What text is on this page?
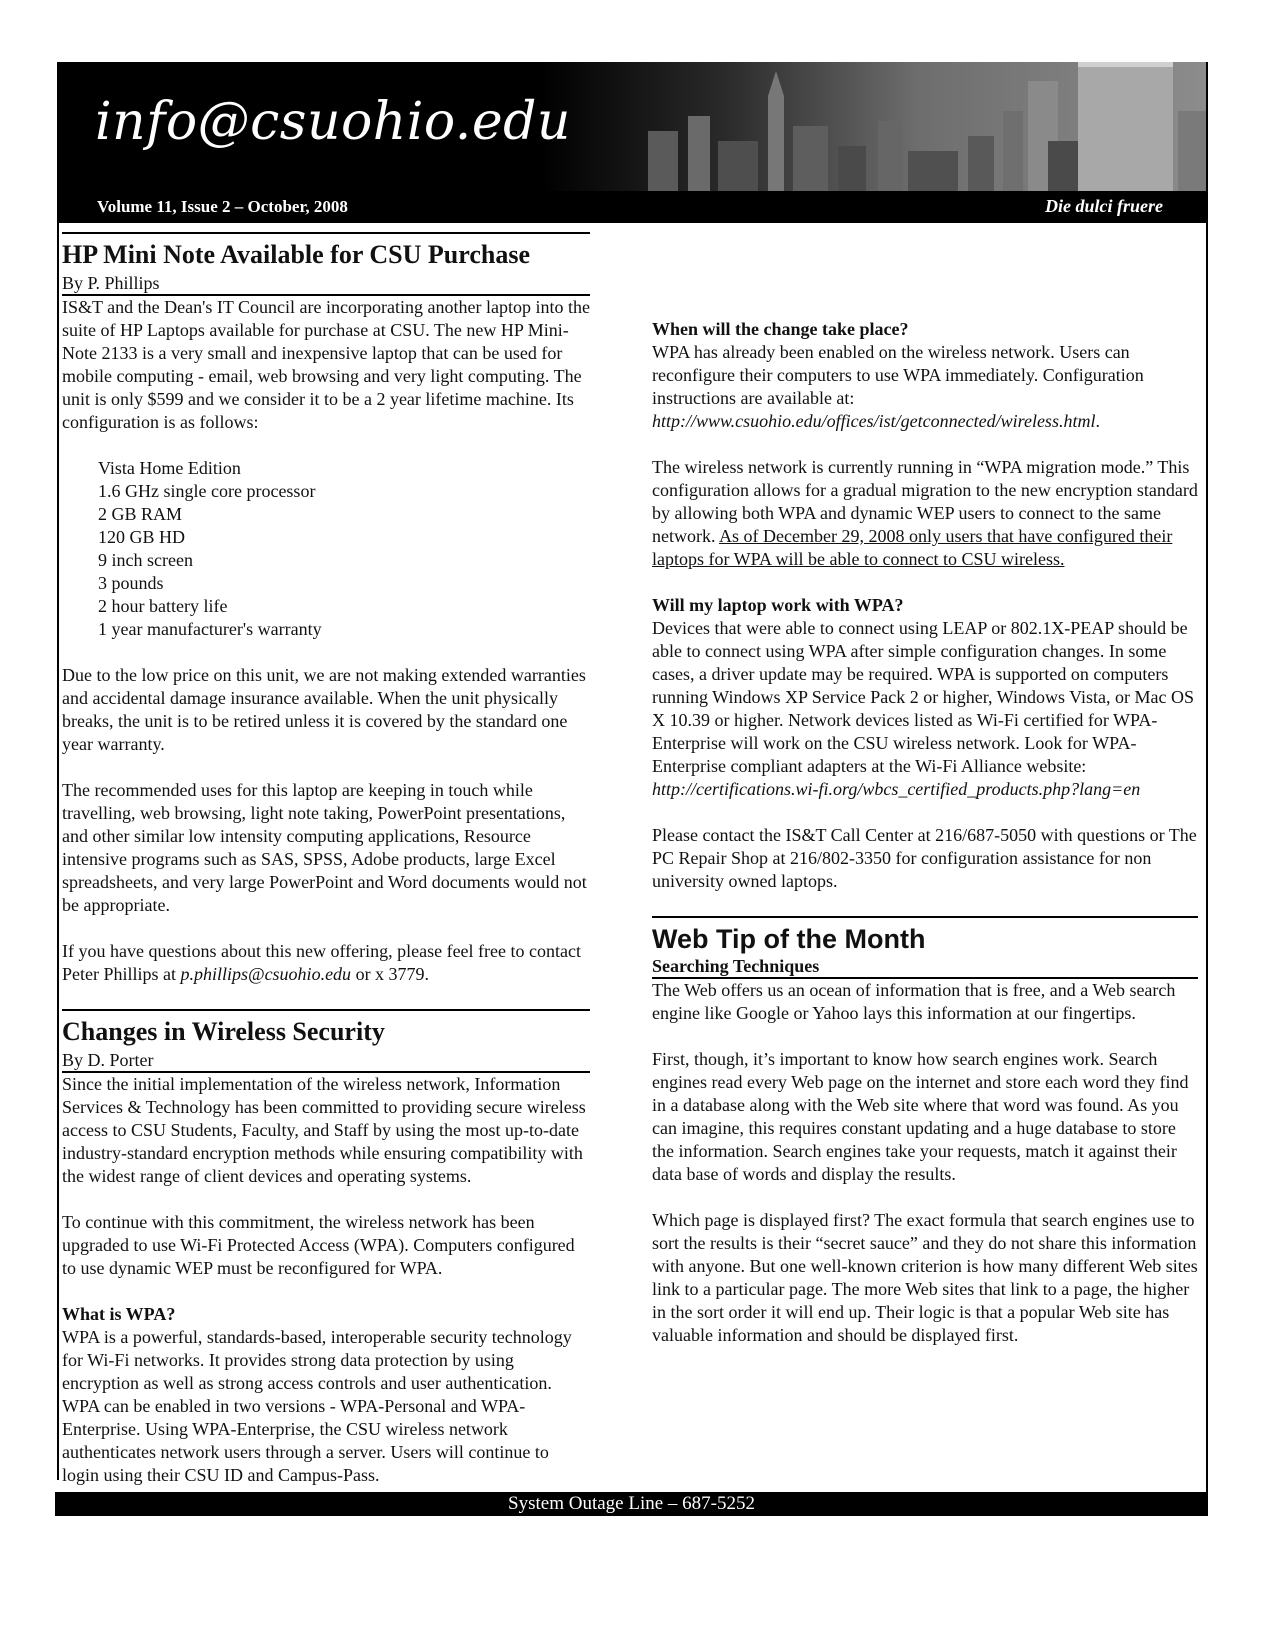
info@csuohio.edu
Volume 11, Issue 2 – October, 2008	Die dulci fruere
HP Mini Note Available for CSU Purchase
By P. Phillips

IS&T and the Dean's IT Council are incorporating another laptop into the suite of HP Laptops available for purchase at CSU. The new HP Mini-Note 2133 is a very small and inexpensive laptop that can be used for mobile computing - email, web browsing and very light computing. The unit is only $599 and we consider it to be a 2 year lifetime machine. Its configuration is as follows:

Vista Home Edition
1.6 GHz single core processor
2 GB RAM
120 GB HD
9 inch screen
3 pounds
2 hour battery life
1 year manufacturer's warranty

Due to the low price on this unit, we are not making extended warranties and accidental damage insurance available. When the unit physically breaks, the unit is to be retired unless it is covered by the standard one year warranty.

The recommended uses for this laptop are keeping in touch while travelling, web browsing, light note taking, PowerPoint presentations, and other similar low intensity computing applications, Resource intensive programs such as SAS, SPSS, Adobe products, large Excel spreadsheets, and very large PowerPoint and Word documents would not be appropriate.

If you have questions about this new offering, please feel free to contact Peter Phillips at p.phillips@csuohio.edu or x 3779.

Changes in Wireless Security
By D. Porter

Since the initial implementation of the wireless network, Information Services & Technology has been committed to providing secure wireless access to CSU Students, Faculty, and Staff by using the most up-to-date industry-standard encryption methods while ensuring compatibility with the widest range of client devices and operating systems.

To continue with this commitment, the wireless network has been upgraded to use Wi-Fi Protected Access (WPA). Computers configured to use dynamic WEP must be reconfigured for WPA.

What is WPA?

WPA is a powerful, standards-based, interoperable security technology for Wi-Fi networks. It provides strong data protection by using encryption as well as strong access controls and user authentication. WPA can be enabled in two versions - WPA-Personal and WPA-Enterprise. Using WPA-Enterprise, the CSU wireless network authenticates network users through a server. Users will continue to login using their CSU ID and Campus-Pass.

When will the change take place?

WPA has already been enabled on the wireless network. Users can reconfigure their computers to use WPA immediately. Configuration instructions are available at: http://www.csuohio.edu/offices/ist/getconnected/wireless.html.

The wireless network is currently running in “WPA migration mode.” This configuration allows for a gradual migration to the new encryption standard by allowing both WPA and dynamic WEP users to connect to the same network. As of December 29, 2008 only users that have configured their laptops for WPA will be able to connect to CSU wireless.

Will my laptop work with WPA?

Devices that were able to connect using LEAP or 802.1X-PEAP should be able to connect using WPA after simple configuration changes. In some cases, a driver update may be required. WPA is supported on computers running Windows XP Service Pack 2 or higher, Windows Vista, or Mac OS X 10.39 or higher. Network devices listed as Wi-Fi certified for WPA-Enterprise will work on the CSU wireless network. Look for WPA-Enterprise compliant adapters at the Wi-Fi Alliance website: http://certifications.wi-fi.org/wbcs_certified_products.php?lang=en

Please contact the IS&T Call Center at 216/687-5050 with questions or The PC Repair Shop at 216/802-3350 for configuration assistance for non university owned laptops.

Web Tip of the Month
Searching Techniques

The Web offers us an ocean of information that is free, and a Web search engine like Google or Yahoo lays this information at our fingertips.

First, though, it’s important to know how search engines work. Search engines read every Web page on the internet and store each word they find in a database along with the Web site where that word was found. As you can imagine, this requires constant updating and a huge database to store the information. Search engines take your requests, match it against their data base of words and display the results.

Which page is displayed first? The exact formula that search engines use to sort the results is their “secret sauce” and they do not share this information with anyone. But one well-known criterion is how many different Web sites link to a particular page. The more Web sites that link to a page, the higher in the sort order it will end up. Their logic is that a popular Web site has valuable information and should be displayed first.

System Outage Line – 687-5252
